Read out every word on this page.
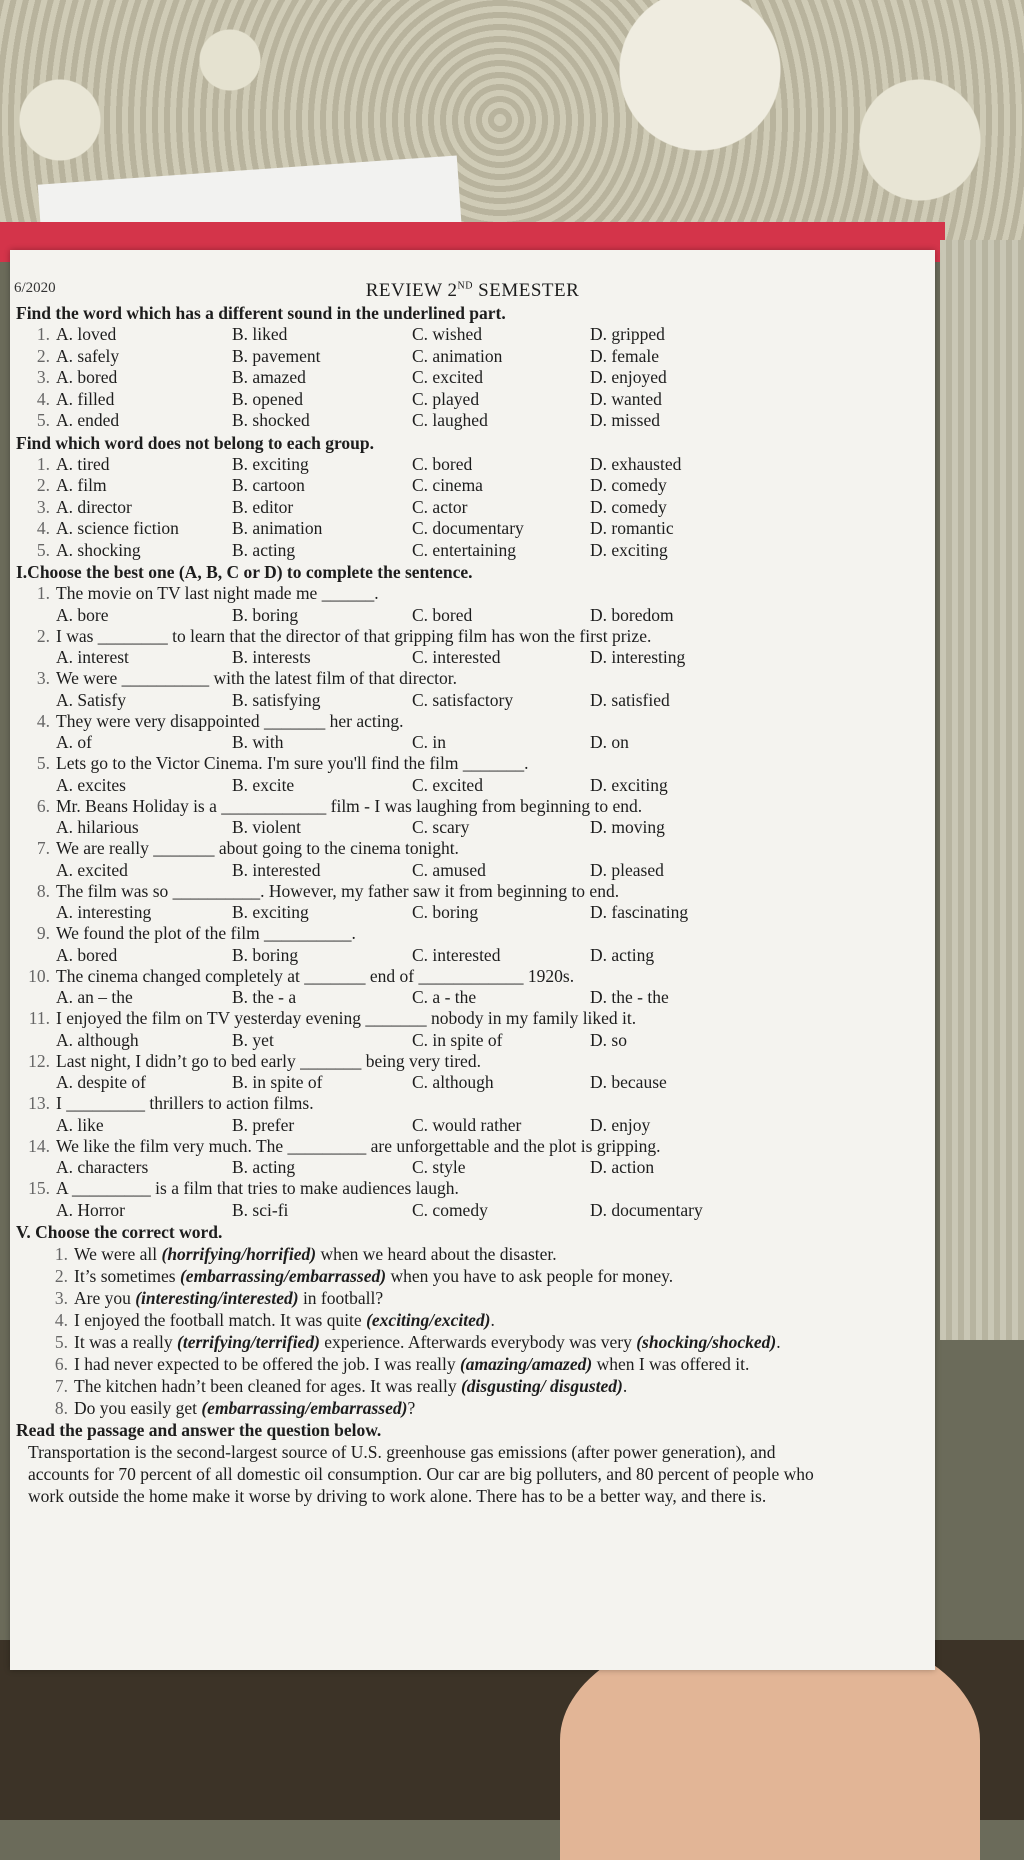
6/2020	REVIEW 2ND SEMESTER
Find the word which has a different sound in the underlined part.
1. A. loved	B. liked	C. wished	D. gripped
2. A. safely	B. pavement	C. animation	D. female
3. A. bored	B. amazed	C. excited	D. enjoyed
4. A. filled	B. opened	C. played	D. wanted
5. A. ended	B. shocked	C. laughed	D. missed
Find which word does not belong to each group.
1. A. tired	B. exciting	C. bored	D. exhausted
2. A. film	B. cartoon	C. cinema	D. comedy
3. A. director	B. editor	C. actor	D. comedy
4. A. science fiction	B. animation	C. documentary	D. romantic
5. A. shocking	B. acting	C. entertaining	D. exciting
I.Choose the best one (A, B, C or D) to complete the sentence.
1. The movie on TV last night made me ______.
A. bore	B. boring	C. bored	D. boredom
2. I was ________ to learn that the director of that gripping film has won the first prize.
A. interest	B. interests	C. interested	D. interesting
3. We were __________ with the latest film of that director.
A. Satisfy	B. satisfying	C. satisfactory	D. satisfied
4. They were very disappointed _______ her acting.
A. of	B. with	C. in	D. on
5. Lets go to the Victor Cinema. I'm sure you'll find the film _______.
A. excites	B. excite	C. excited	D. exciting
6. Mr. Beans Holiday is a ____________ film - I was laughing from beginning to end.
A. hilarious	B. violent	C. scary	D. moving
7. We are really _______ about going to the cinema tonight.
A. excited	B. interested	C. amused	D. pleased
8. The film was so __________. However, my father saw it from beginning to end.
A. interesting	B. exciting	C. boring	D. fascinating
9. We found the plot of the film __________.
A. bored	B. boring	C. interested	D. acting
10. The cinema changed completely at _______ end of ____________ 1920s.
A. an – the	B. the - a	C. a - the	D. the - the
11. I enjoyed the film on TV yesterday evening _______ nobody in my family liked it.
A. although	B. yet	C. in spite of	D. so
12. Last night, I didn’t go to bed early _______ being very tired.
A. despite of	B. in spite of	C. although	D. because
13. I _________ thrillers to action films.
A. like	B. prefer	C. would rather	D. enjoy
14. We like the film very much. The _________ are unforgettable and the plot is gripping.
A. characters	B. acting	C. style	D. action
15. A _________ is a film that tries to make audiences laugh.
A. Horror	B. sci-fi	C. comedy	D. documentary
V. Choose the correct word.
1. We were all (horrifying/horrified) when we heard about the disaster.
2. It’s sometimes (embarrassing/embarrassed) when you have to ask people for money.
3. Are you (interesting/interested) in football?
4. I enjoyed the football match. It was quite (exciting/excited).
5. It was a really (terrifying/terrified) experience. Afterwards everybody was very (shocking/shocked).
6. I had never expected to be offered the job. I was really (amazing/amazed) when I was offered it.
7. The kitchen hadn’t been cleaned for ages. It was really (disgusting/ disgusted).
8. Do you easily get (embarrassing/embarrassed)?
Read the passage and answer the question below.
Transportation is the second-largest source of U.S. greenhouse gas emissions (after power generation), and
accounts for 70 percent of all domestic oil consumption. Our car are big polluters, and 80 percent of people who
work outside the home make it worse by driving to work alone. There has to be a better way, and there is.
